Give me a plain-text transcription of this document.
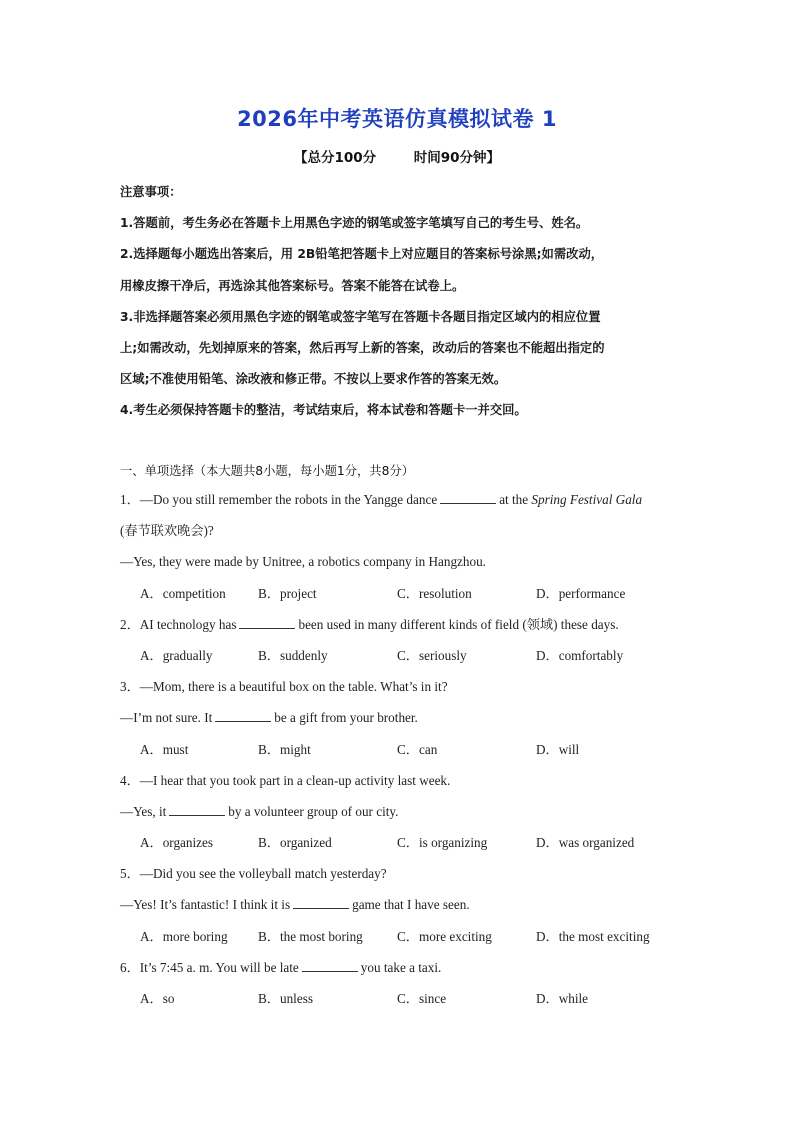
2026年中考英语仿真模拟试卷 1
【总分100分        时间90分钟】

注意事项：

1.答题前，考生务必在答题卡上用黑色字迹的钢笔或签字笔填写自己的考生号、姓名。
2.选择题每小题选出答案后，用 2B铅笔把答题卡上对应题目的答案标号涂黑;如需改动，
用橡皮擦干净后，再选涂其他答案标号。答案不能答在试卷上。
3.非选择题答案必须用黑色字迹的钢笔或签字笔写在答题卡各题目指定区域内的相应位置
上;如需改动，先划掉原来的答案，然后再写上新的答案，改动后的答案也不能超出指定的
区域;不准使用铅笔、涂改液和修正带。不按以上要求作答的答案无效。
4.考生必须保持答题卡的整洁，考试结束后，将本试卷和答题卡一并交回。
一、单项选择（本大题共8小题，每小题1分，共8分）
1．—Do you still remember the robots in the Yangge dance	at the Spring Festival Gala
(春节联欢晚会)?
—Yes, they were made by Unitree, a robotics company in Hangzhou.
A．competition B．project	C．resolution	D．performance
2．AI technology has	been used in many different kinds of field (领域) these days.
A．gradually	B．suddenly	C．seriously	D．comfortably
3．—Mom, there is a beautiful box on the table. What’s in it?
—I’m not sure. It	be a gift from your brother.
A．must	B．might	C．can	D．will
4．—I hear that you took part in a clean-up activity last week.
—Yes, it	by a volunteer group of our city.
A．organizes	B．organized	C．is organizing	D．was organized
5．—Did you see the volleyball match yesterday?
—Yes! It’s fantastic! I think it is	game that I have seen.
A．more boring B．the most boring	C．more exciting	D．the most exciting
6．It’s 7:45 a. m. You will be late	you take a taxi.
A．so	B．unless	C．since	D．while
